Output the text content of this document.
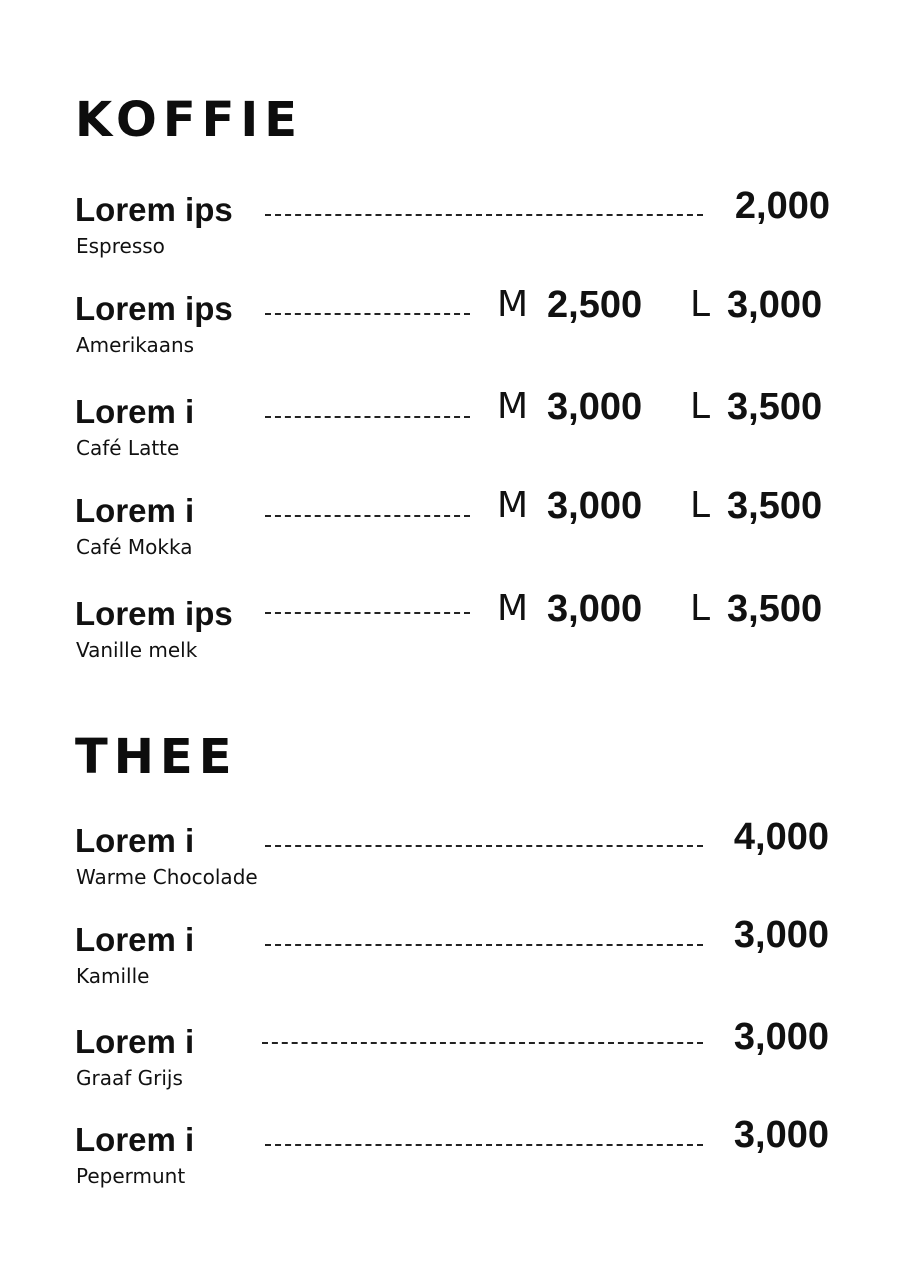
KOFFIE
Lorem ips
Espresso
2,000
Lorem ips
Amerikaans
M 2,500 L 3,000
Lorem i
Café Latte
M 3,000 L 3,500
Lorem i
Café Mokka
M 3,000 L 3,500
Lorem ips
Vanille melk
M 3,000 L 3,500
THEE
Lorem i
Warme Chocolade
4,000
Lorem i
Kamille
3,000
Lorem i
Graaf Grijs
3,000
Lorem i
Pepermunt
3,000
